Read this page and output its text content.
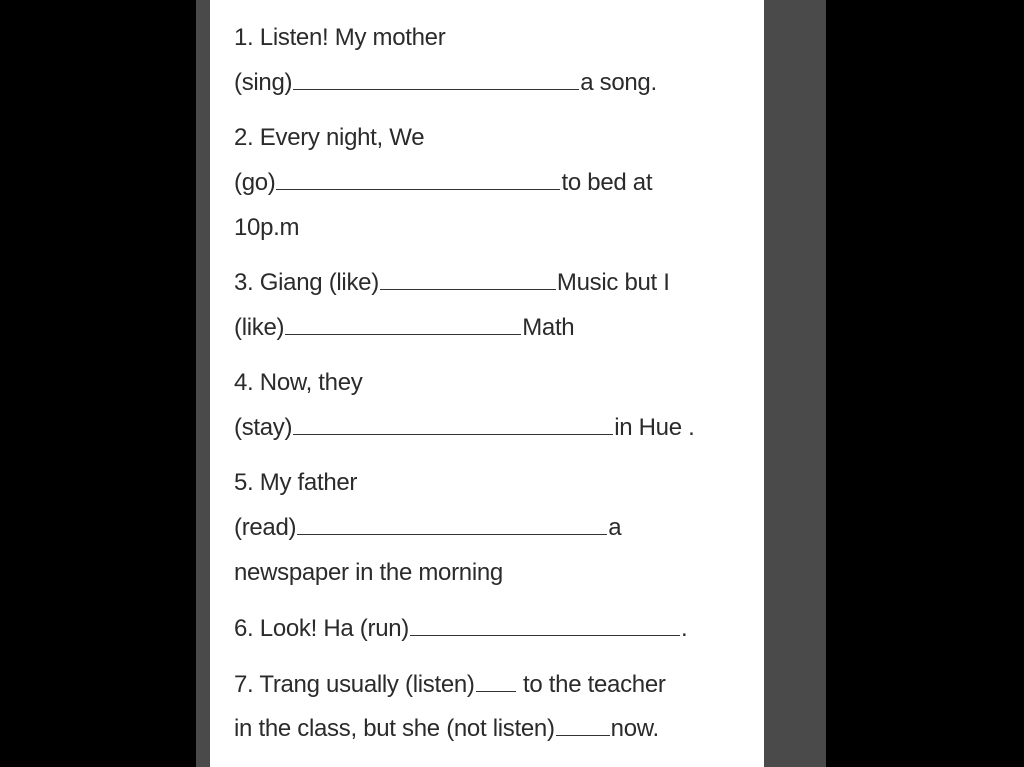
1. Listen! My mother
(sing)	a song.
2. Every night, We
(go)	to bed at
10p.m
3. Giang (like)	Music but I
(like)	Math
4. Now, they
(stay)	in Hue .
5. My father
(read)	a
newspaper in the morning
6. Look! Ha (run)	.
7. Trang usually (listen) to the teacher
in the class, but she (not listen) now.
